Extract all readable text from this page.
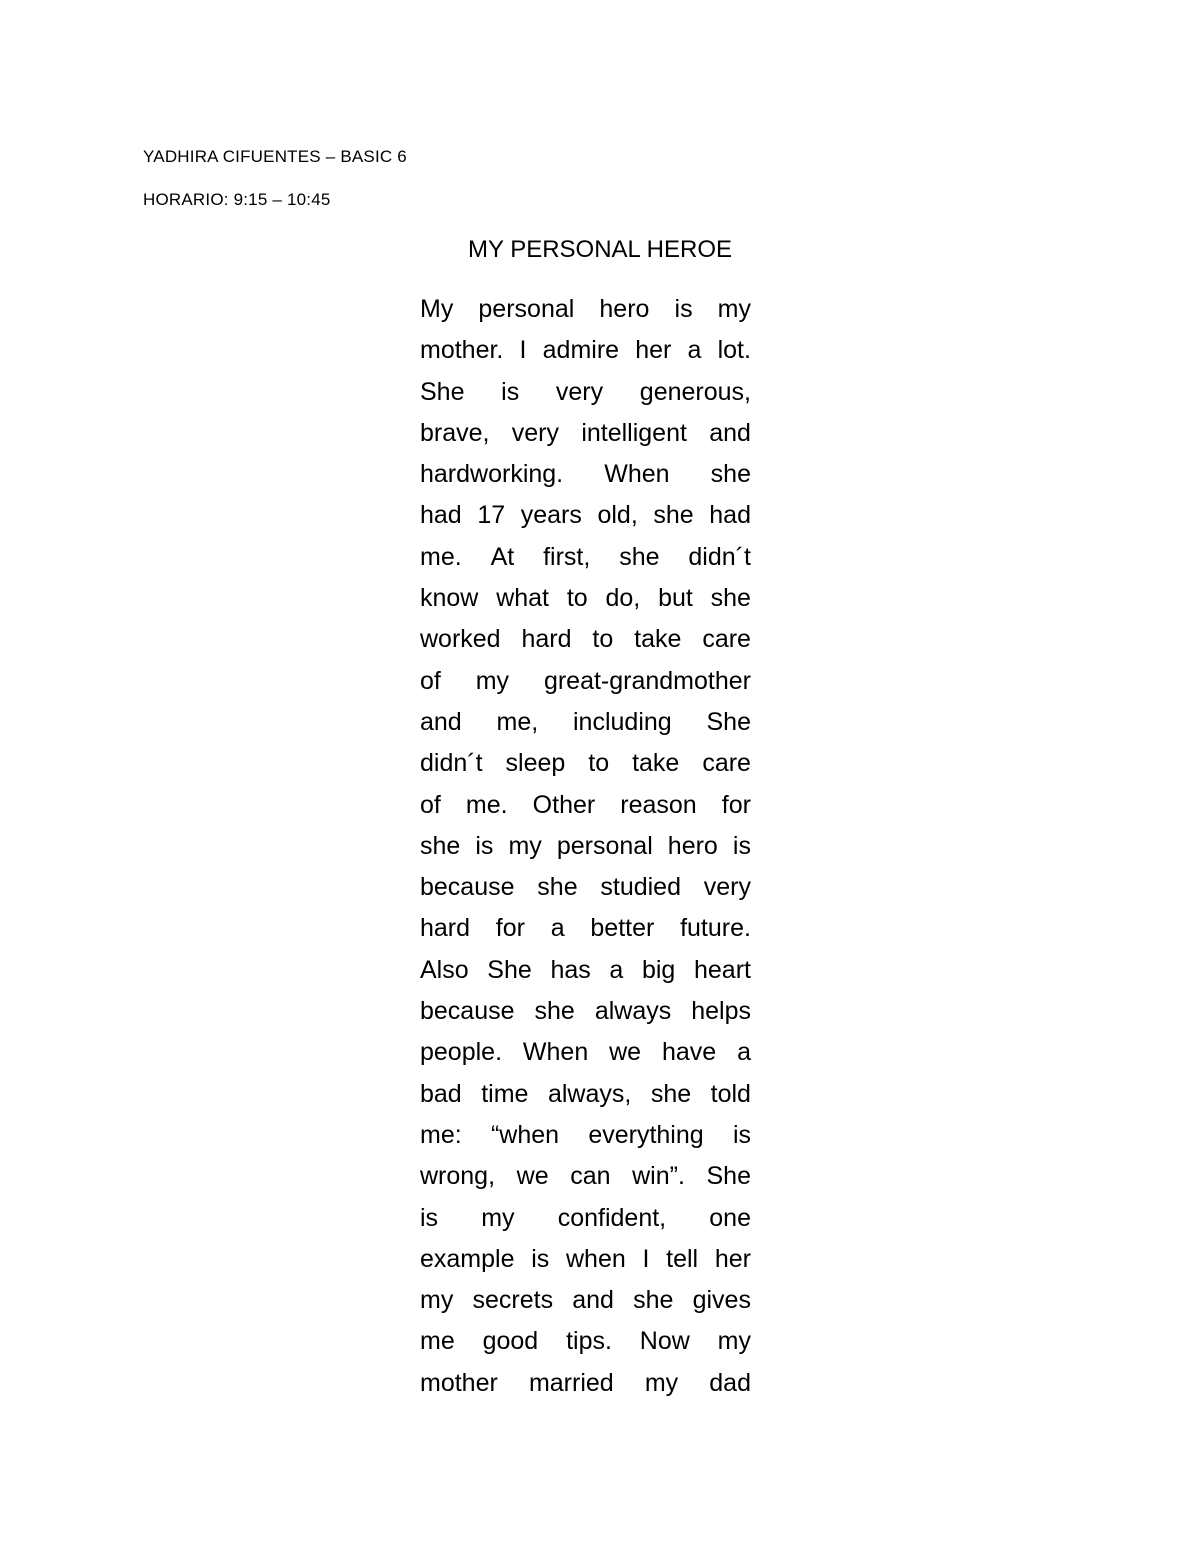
YADHIRA CIFUENTES – BASIC 6
HORARIO: 9:15 – 10:45
MY PERSONAL HEROE
My personal hero is my
mother. I admire her a lot.
She is very generous,
brave, very intelligent and
hardworking. When she
had 17 years old, she had
me. At first, she didn´t
know what to do, but she
worked hard to take care
of my great-grandmother
and me, including She
didn´t sleep to take care
of me. Other reason for
she is my personal hero is
because she studied very
hard for a better future.
Also She has a big heart
because she always helps
people. When we have a
bad time always, she told
me: “when everything is
wrong, we can win”. She
is my confident, one
example is when I tell her
my secrets and she gives
me good tips. Now my
mother married my dad
